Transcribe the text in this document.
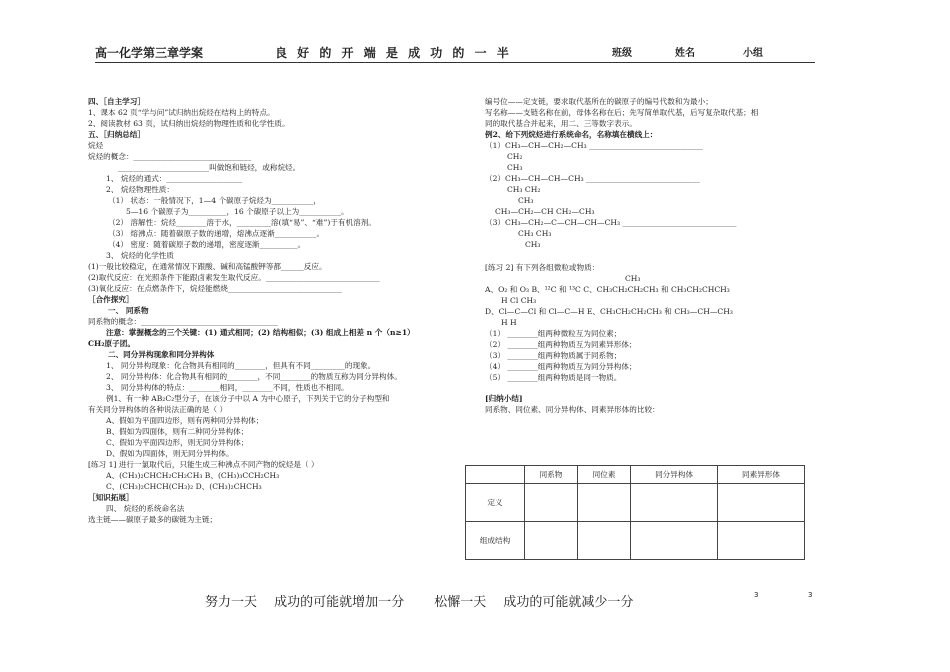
高一化学第三章学案	良 好 的 开 端 是 成 功 的 一 半	班级	姓名	小组

四、［自主学习］

1、课本 62 页“学与问”试归纳出烷烃在结构上的特点。

2、阅读教材 63 页，试归纳出烷烃的物理性质和化学性质。

五、［归纳总结］

烷烃

烷烃的概念：_______________________________

________________________叫做饱和链烃，或称烷烃。

1、 烷烃的通式：____________________

2、 烷烃物理性质：

（1） 状态：一般情况下，1—4 个碳原子烷烃为___________，

5—16 个碳原子为__________，16 个碳原子以上为___________。

（2） 溶解性：烷烃________溶于水，_________溶(填“易”、“难”)于有机溶剂。

（3） 熔沸点：随着碳原子数的递增，熔沸点逐渐___________。

（4） 密度：随着碳原子数的递增，密度逐渐__________。

3、 烷烃的化学性质

(1)一般比较稳定，在通常情况下跟酸、碱和高锰酸钾等都______反应。

(2)取代反应：在光照条件下能跟卤素发生取代反应。______________________________

(3)氧化反应：在点燃条件下，烷烃能燃烧______________________________

［合作探究］

一、 同系物

同系物的概念：____________________________________

注意：掌握概念的三个关键：(1) 通式相同；(2) 结构相似；(3) 组成上相差 n 个（n≥1）

CH₂原子团。

二、同分异构现象和同分异构体

1、 同分异构现象：化合物具有相同的________，但具有不同_________的现象。

2、 同分异构体：化合物具有相同的________，不同________的物质互称为同分异构体。

3、 同分异构体的特点：________相同，________不同，性质也不相同。

例1、有一种 AB₂C₂型分子，在该分子中以 A 为中心原子，下列关于它的分子构型和

有关同分异构体的各种说法正确的是（ ）

A、假如为平面四边形，则有两种同分异构体；

B、假如为四面体，则有二种同分异构体；

C、假如为平面四边形，则无同分异构体；

D、假如为四面体，则无同分异构体。

[练习 1] 进行一氯取代后，只能生成三种沸点不同产物的烷烃是（ ）

A、(CH₃)₂CHCH₂CH₂CH₃ B、(CH₃)₃CCH₂CH₃

C、(CH₃)₂CHCH(CH₃)₂ D、(CH₃)₂CHCH₃

［知识拓展］

四、 烷烃的系统命名法

选主链——碳原子最多的碳链为主链；

编号位——定支链，要求取代基所在的碳原子的编号代数和为最小；

写名称——支链名称在前，母体名称在后；先写简单取代基，后写复杂取代基；相

同的取代基合并起来，用二、三等数字表示。

例2、给下列烷烃进行系统命名，名称填在横线上：

（1）CH₃—CH—CH₂—CH₃ ______________________________

CH₂

CH₃

（2）CH₃—CH—CH—CH₃ ______________________________

CH₃ CH₂

CH₃

CH₃—CH₂—CH CH₂—CH₃

（3）CH₃—CH₂—C—CH—CH—CH₃ ______________________________

CH₃ CH₃

CH₃

[练习 2] 有下列各组微粒或物质：

CH₃

A、O₂ 和 O₃ B、¹²C 和 ¹³C C、CH₃CH₂CH₂CH₃ 和 CH₃CH₂CHCH₃

H Cl CH₃

D、Cl—C—Cl 和 Cl—C—H E、CH₃CH₂CH₂CH₃ 和 CH₃—CH—CH₃

H H

（1） ________组两种微粒互为同位素；

（2） ________组两种物质互为同素异形体；

（3） ________组两种物质属于同系物；

（4） ________组两种物质互为同分异构体；

（5） ________组两种物质是同一物质。

[归纳小结]

同系物、同位素、同分异构体、同素异形体的比较：

	同系物	同位素	同分异构体	同素异形体
定义				
组成结构				
努力一天　 成功的可能就增加一分　　 松懈一天　 成功的可能就减少一分	3	3
